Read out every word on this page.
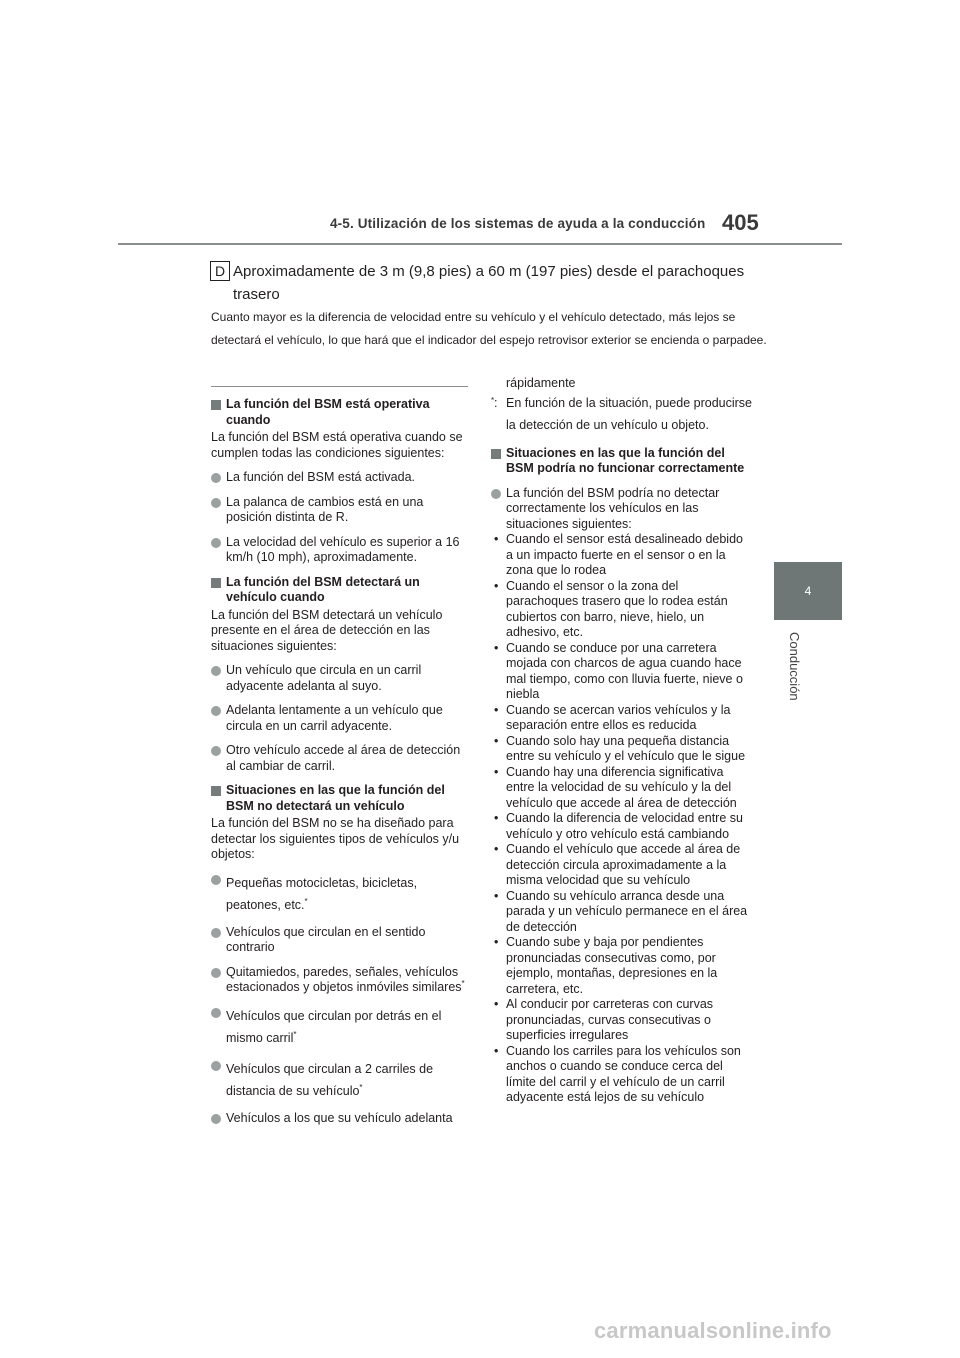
4-5. Utilización de los sistemas de ayuda a la conducción 405
4
Conducción
D Aproximadamente de 3 m (9,8 pies) a 60 m (197 pies) desde el parachoques trasero

Cuanto mayor es la diferencia de velocidad entre su vehículo y el vehículo detectado, más lejos se detectará el vehículo, lo que hará que el indicador del espejo retrovisor exterior se encienda o parpadee.

La función del BSM está operativa cuando

La función del BSM está operativa cuando se cumplen todas las condiciones siguientes:

La función del BSM está activada.

La palanca de cambios está en una posición distinta de R.

La velocidad del vehículo es superior a 16 km/h (10 mph), aproximadamente.

La función del BSM detectará un vehículo cuando

La función del BSM detectará un vehículo presente en el área de detección en las situaciones siguientes:

Un vehículo que circula en un carril adyacente adelanta al suyo.

Adelanta lentamente a un vehículo que circula en un carril adyacente.

Otro vehículo accede al área de detección al cambiar de carril.

Situaciones en las que la función del BSM no detectará un vehículo

La función del BSM no se ha diseñado para detectar los siguientes tipos de vehículos y/u objetos:

Pequeñas motocicletas, bicicletas, peatones, etc.*

Vehículos que circulan en el sentido contrario

Quitamiedos, paredes, señales, vehículos estacionados y objetos inmóviles similares*

Vehículos que circulan por detrás en el mismo carril*

Vehículos que circulan a 2 carriles de distancia de su vehículo*

Vehículos a los que su vehículo adelanta

rápidamente

* : En función de la situación, puede producirse la detección de un vehículo u objeto.

Situaciones en las que la función del BSM podría no funcionar correctamente

La función del BSM podría no detectar correctamente los vehículos en las situaciones siguientes:

• Cuando el sensor está desalineado debido a un impacto fuerte en el sensor o en la zona que lo rodea

• Cuando el sensor o la zona del parachoques trasero que lo rodea están cubiertos con barro, nieve, hielo, un adhesivo, etc.

• Cuando se conduce por una carretera mojada con charcos de agua cuando hace mal tiempo, como con lluvia fuerte, nieve o niebla

• Cuando se acercan varios vehículos y la separación entre ellos es reducida

• Cuando solo hay una pequeña distancia entre su vehículo y el vehículo que le sigue

• Cuando hay una diferencia significativa entre la velocidad de su vehículo y la del vehículo que accede al área de detección

• Cuando la diferencia de velocidad entre su vehículo y otro vehículo está cambiando

• Cuando el vehículo que accede al área de detección circula aproximadamente a la misma velocidad que su vehículo

• Cuando su vehículo arranca desde una parada y un vehículo permanece en el área de detección

• Cuando sube y baja por pendientes pronunciadas consecutivas como, por ejemplo, montañas, depresiones en la carretera, etc.

• Al conducir por carreteras con curvas pronunciadas, curvas consecutivas o superficies irregulares

• Cuando los carriles para los vehículos son anchos o cuando se conduce cerca del límite del carril y el vehículo de un carril adyacente está lejos de su vehículo

carmanualsonline.info
